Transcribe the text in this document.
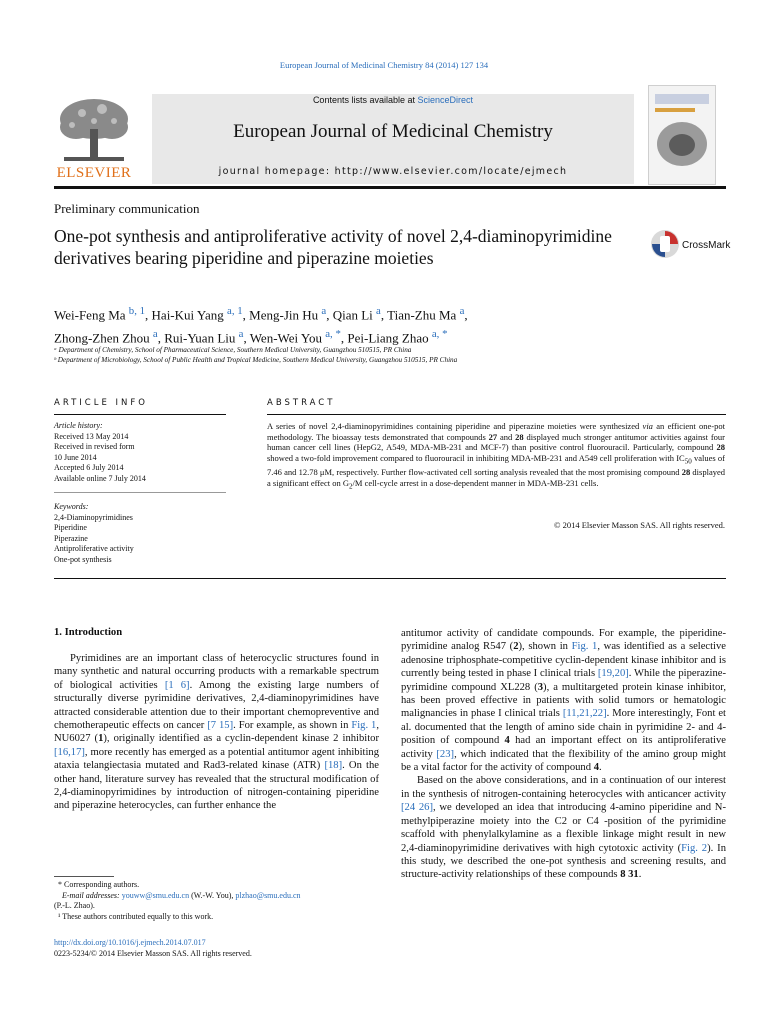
European Journal of Medicinal Chemistry 84 (2014) 127 134
ELSEVIER
Contents lists available at ScienceDirect
European Journal of Medicinal Chemistry
journal homepage: http://www.elsevier.com/locate/ejmech
Preliminary communication
One-pot synthesis and antiproliferative activity of novel 2,4-diaminopyrimidine derivatives bearing piperidine and piperazine moieties
CrossMark
Wei-Feng Ma $^{b, 1}$, Hai-Kui Yang $^{a, 1}$, Meng-Jin Hu $^a$, Qian Li $^a$, Tian-Zhu Ma $^a$,
Zhong-Zhen Zhou $^a$, Rui-Yuan Liu $^a$, Wen-Wei You $^{a, *}$, Pei-Liang Zhao $^{a, *}$
ᵃ Department of Chemistry, School of Pharmaceutical Science, Southern Medical University, Guangzhou 510515, PR China
ᵇ Department of Microbiology, School of Public Health and Tropical Medicine, Southern Medical University, Guangzhou 510515, PR China
ARTICLE INFO	ABSTRACT
Article history:
Received 13 May 2014
Received in revised form
10 June 2014
Accepted 6 July 2014
Available online 7 July 2014
Keywords:
2,4-Diaminopyrimidines
Piperidine
Piperazine
Antiproliferative activity
One-pot synthesis
A series of novel 2,4-diaminopyrimidines containing piperidine and piperazine moieties were synthesized via an efficient one-pot methodology. The bioassay tests demonstrated that compounds 27 and 28 displayed much stronger antitumor activities against four human cancer cell lines (HepG2, A549, MDA-MB-231 and MCF-7) than positive control fluorouracil. Particularly, compound 28 showed a two-fold improvement compared to fluorouracil in inhibiting MDA-MB-231 and A549 cell proliferation with $IC_{50}$ values of 7.46 and 12.78 μM, respectively. Further flow-activated cell sorting analysis revealed that the most promising compound 28 displayed a significant effect on $G_2/M$ cell-cycle arrest in a dose-dependent manner in MDA-MB-231 cells.
© 2014 Elsevier Masson SAS. All rights reserved.
1. Introduction

Pyrimidines are an important class of heterocyclic structures found in many synthetic and natural occurring products with a remarkable spectrum of biological activities [1 6]. Among the existing large numbers of structurally diverse pyrimidine derivatives, 2,4-diaminopyrimidines have attracted considerable attention due to their important chemopreventive and chemotherapeutic effects on cancer [7 15]. For example, as shown in Fig. 1, NU6027 (1), originally identified as a cyclin-dependent kinase 2 inhibitor [16,17], more recently has emerged as a potential antitumor agent inhibiting ataxia telangiectasia mutated and Rad3-related kinase (ATR) [18]. On the other hand, literature survey has revealed that the structural modification of 2,4-diaminopyrimidines by introduction of nitrogen-containing piperidine and piperazine heterocycles, can further enhance the

antitumor activity of candidate compounds. For example, the piperidine-pyrimidine analog R547 (2), shown in Fig. 1, was identified as a selective adenosine triphosphate-competitive cyclin-dependent kinase inhibitor and is currently being tested in phase I clinical trials [19,20]. While the piperazine-pyrimidine compound XL228 (3), a multitargeted protein kinase inhibitor, has been proved effective in patients with solid tumors or hematologic malignancies in phase I clinical trials [11,21,22]. More interestingly, Font et al. documented that the length of amino side chain in pyrimidine 2- and 4-position of compound 4 had an important effect on its antiproliferative activity [23], which indicated that the flexibility of the amino group might be a vital factor for the activity of compound 4.

Based on the above considerations, and in a continuation of our interest in the synthesis of nitrogen-containing heterocycles with anticancer activity [24 26], we developed an idea that introducing 4-amino piperidine and N-methylpiperazine moiety into the C2 or C4 -position of the pyrimidine scaffold with phenylalkylamine as a flexible linkage might result in new 2,4-diaminopyrimidine derivatives with high cytotoxic activity (Fig. 2). In this study, we described the one-pot synthesis and screening results, and structure-activity relationships of these compounds 8 31.

* Corresponding authors.
E-mail addresses: youww@smu.edu.cn (W.-W. You), plzhao@smu.edu.cn
(P.-L. Zhao).
¹ These authors contributed equally to this work.
http://dx.doi.org/10.1016/j.ejmech.2014.07.017
0223-5234/© 2014 Elsevier Masson SAS. All rights reserved.
